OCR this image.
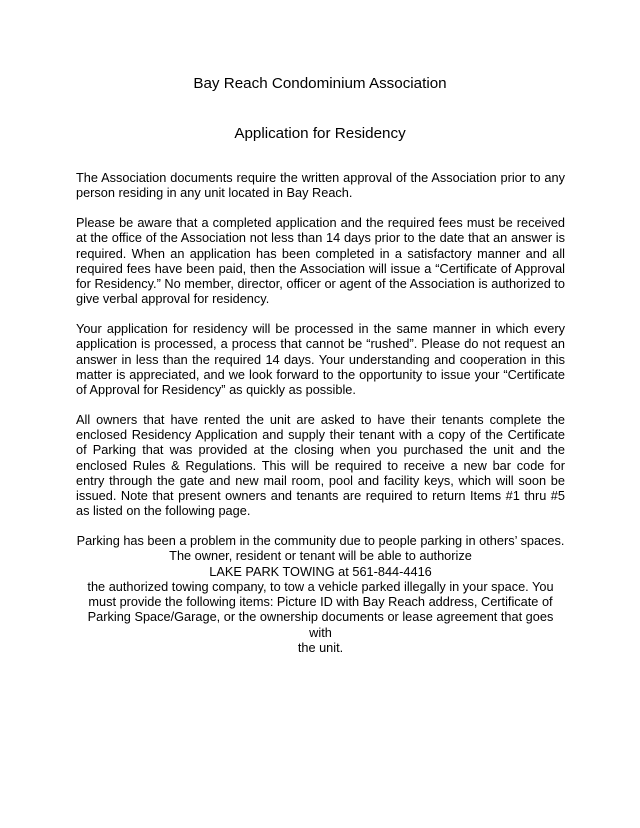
Bay Reach Condominium Association
Application for Residency

The Association documents require the written approval of the Association prior to any person residing in any unit located in Bay Reach.

Please be aware that a completed application and the required fees must be received at the office of the Association not less than 14 days prior to the date that an answer is required. When an application has been completed in a satisfactory manner and all required fees have been paid, then the Association will issue a “Certificate of Approval for Residency.” No member, director, officer or agent of the Association is authorized to give verbal approval for residency.

Your application for residency will be processed in the same manner in which every application is processed, a process that cannot be “rushed”. Please do not request an answer in less than the required 14 days. Your understanding and cooperation in this matter is appreciated, and we look forward to the opportunity to issue your “Certificate of Approval for Residency” as quickly as possible.

All owners that have rented the unit are asked to have their tenants complete the enclosed Residency Application and supply their tenant with a copy of the Certificate of Parking that was provided at the closing when you purchased the unit and the enclosed Rules & Regulations. This will be required to receive a new bar code for entry through the gate and new mail room, pool and facility keys, which will soon be issued. Note that present owners and tenants are required to return Items #1 thru #5 as listed on the following page.

Parking has been a problem in the community due to people parking in others’ spaces.
The owner, resident or tenant will be able to authorize
LAKE PARK TOWING at 561-844-4416
the authorized towing company, to tow a vehicle parked illegally in your space. You
must provide the following items: Picture ID with Bay Reach address, Certificate of
Parking Space/Garage, or the ownership documents or lease agreement that goes with
the unit.
